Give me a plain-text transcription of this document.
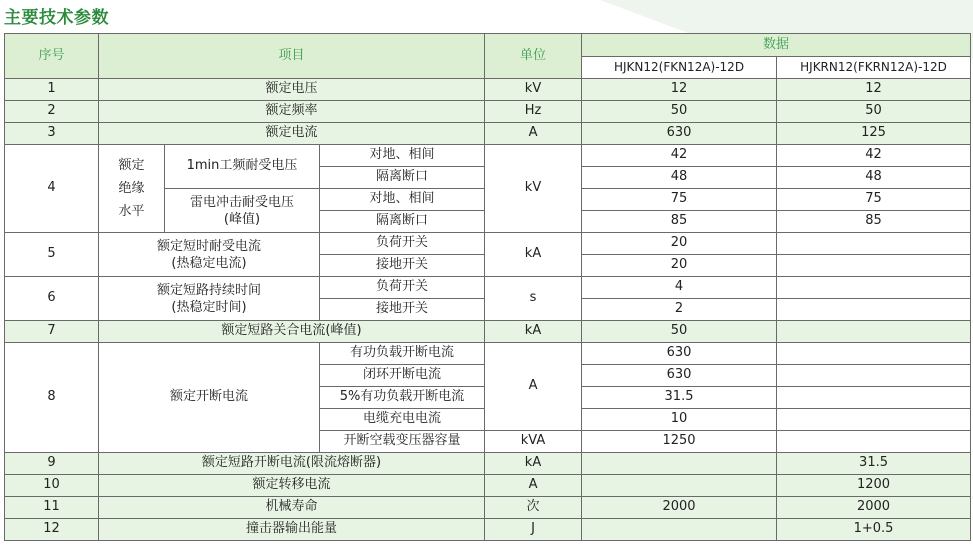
主要技术参数
序号	项目			单位	数据	
					HJKN12(FKN12A)-12D	HJKRN12(FKRN12A)-12D
1	额定电压			kV	12	12
2	额定频率			Hz	50	50
3	额定电流			A	630	125
4	额定
绝缘
水平	1min工频耐受电压	对地、相间	kV	42	42
			隔离断口		48	48

		雷电冲击耐受电压
(峰值)	对地、相间		75	75
			隔离断口		85	85
5	额定短时耐受电流
(热稳定电流)		负荷开关	kA	20	
			接地开关		20	
6	额定短路持续时间
(热稳定时间)		负荷开关	s	4	
			接地开关		2	
7	额定短路关合电流(峰值)			kA	50	
8	额定开断电流		有功负载开断电流	A	630	
			闭环开断电流		630	
			5%有功负载开断电流		31.5	
			电缆充电电流		10	
			开断空载变压器容量	kVA	1250	
9	额定短路开断电流(限流熔断器)			kA		31.5
10	额定转移电流			A		1200
11	机械寿命			次	2000	2000
12	撞击器输出能量			J		1+0.5
